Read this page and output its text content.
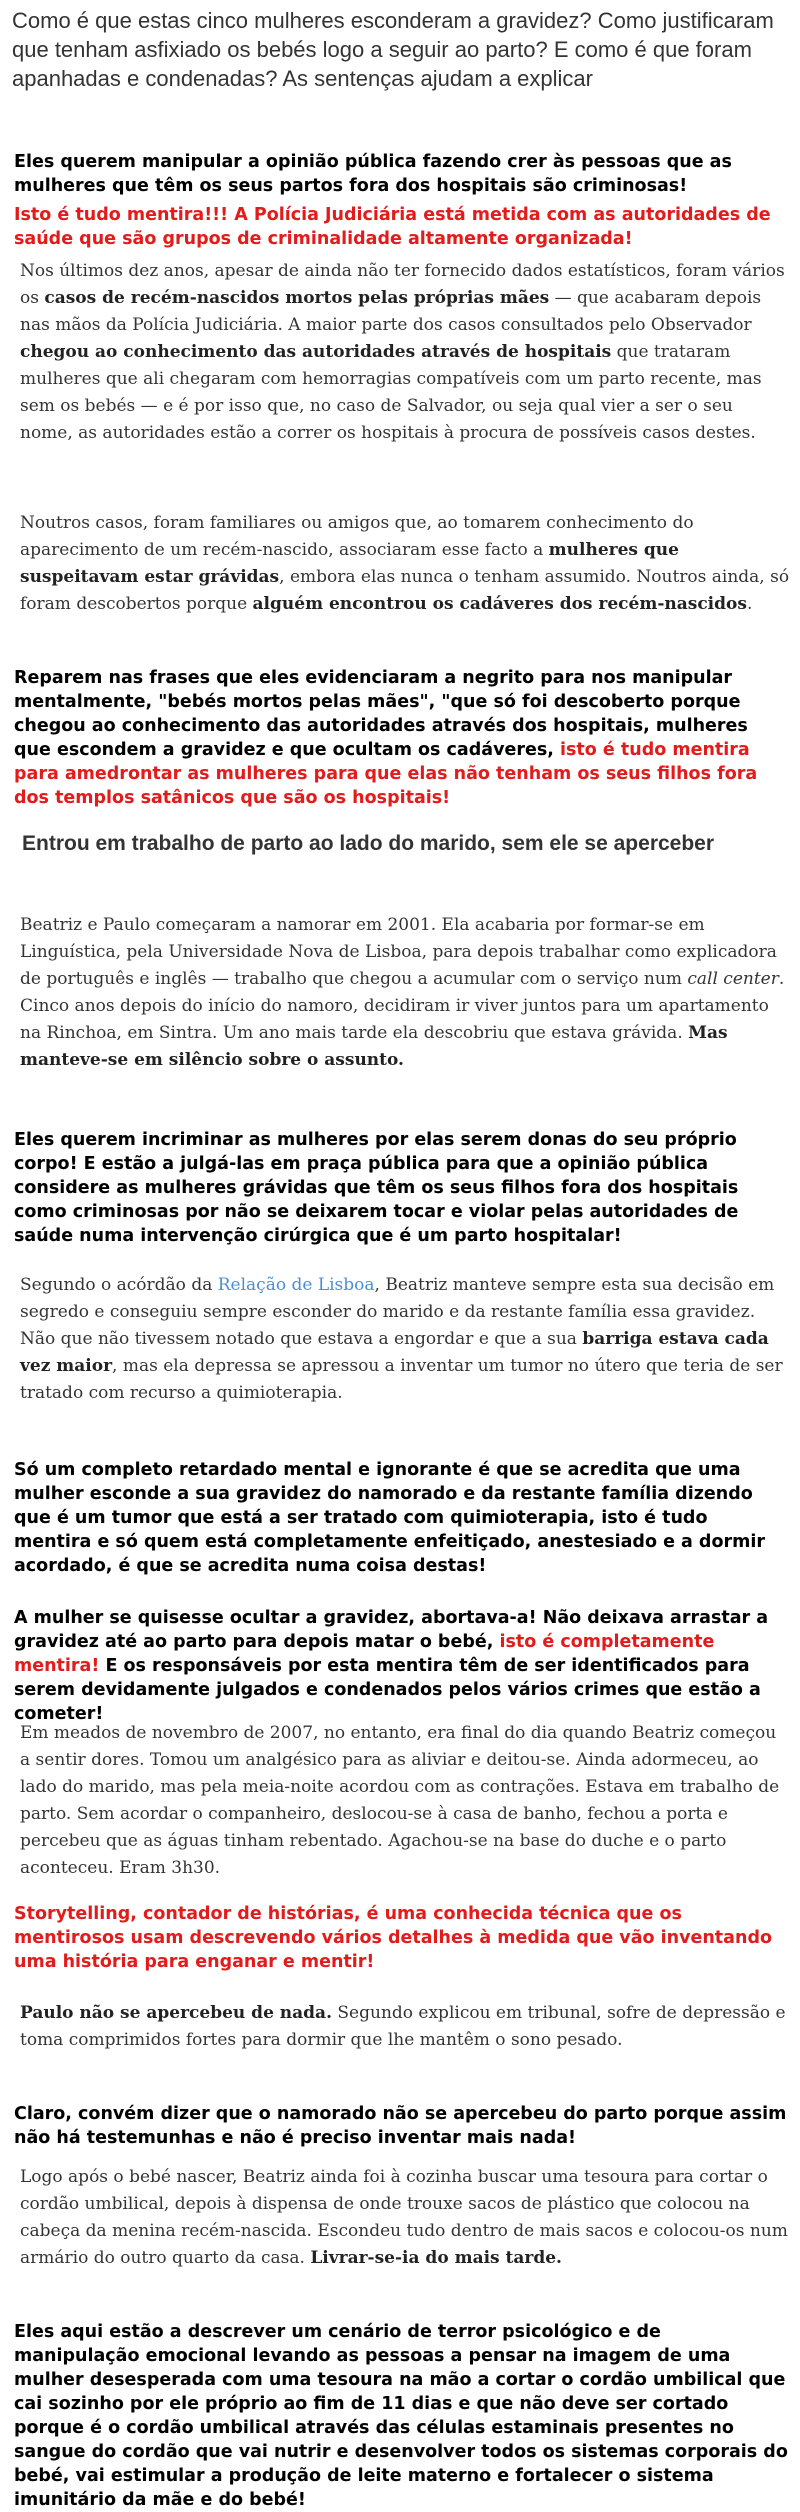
Como é que estas cinco mulheres esconderam a gravidez? Como justificaram que tenham asfixiado os bebés logo a seguir ao parto? E como é que foram apanhadas e condenadas? As sentenças ajudam a explicar
Eles querem manipular a opinião pública fazendo crer às pessoas que as mulheres que têm os seus partos fora dos hospitais são criminosas!
Isto é tudo mentira!!! A Polícia Judiciária está metida com as autoridades de saúde que são grupos de criminalidade altamente organizada!
Nos últimos dez anos, apesar de ainda não ter fornecido dados estatísticos, foram vários os casos de recém-nascidos mortos pelas próprias mães — que acabaram depois nas mãos da Polícia Judiciária. A maior parte dos casos consultados pelo Observador chegou ao conhecimento das autoridades através de hospitais que trataram mulheres que ali chegaram com hemorragias compatíveis com um parto recente, mas sem os bebés — e é por isso que, no caso de Salvador, ou seja qual vier a ser o seu nome, as autoridades estão a correr os hospitais à procura de possíveis casos destes.
Noutros casos, foram familiares ou amigos que, ao tomarem conhecimento do aparecimento de um recém-nascido, associaram esse facto a mulheres que suspeitavam estar grávidas, embora elas nunca o tenham assumido. Noutros ainda, só foram descobertos porque alguém encontrou os cadáveres dos recém-nascidos.
Reparem nas frases que eles evidenciaram a negrito para nos manipular mentalmente, "bebés mortos pelas mães", "que só foi descoberto porque chegou ao conhecimento das autoridades através dos hospitais, mulheres que escondem a gravidez e que ocultam os cadáveres, isto é tudo mentira para amedrontar as mulheres para que elas não tenham os seus filhos fora dos templos satânicos que são os hospitais!
Entrou em trabalho de parto ao lado do marido, sem ele se aperceber
Beatriz e Paulo começaram a namorar em 2001. Ela acabaria por formar-se em Linguística, pela Universidade Nova de Lisboa, para depois trabalhar como explicadora de português e inglês — trabalho que chegou a acumular com o serviço num call center. Cinco anos depois do início do namoro, decidiram ir viver juntos para um apartamento na Rinchoa, em Sintra. Um ano mais tarde ela descobriu que estava grávida. Mas manteve-se em silêncio sobre o assunto.
Eles querem incriminar as mulheres por elas serem donas do seu próprio corpo! E estão a julgá-las em praça pública para que a opinião pública considere as mulheres grávidas que têm os seus filhos fora dos hospitais como criminosas por não se deixarem tocar e violar pelas autoridades de saúde numa intervenção cirúrgica que é um parto hospitalar!
Segundo o acórdão da Relação de Lisboa, Beatriz manteve sempre esta sua decisão em segredo e conseguiu sempre esconder do marido e da restante família essa gravidez. Não que não tivessem notado que estava a engordar e que a sua barriga estava cada vez maior, mas ela depressa se apressou a inventar um tumor no útero que teria de ser tratado com recurso a quimioterapia.
Só um completo retardado mental e ignorante é que se acredita que uma mulher esconde a sua gravidez do namorado e da restante família dizendo que é um tumor que está a ser tratado com quimioterapia, isto é tudo mentira e só quem está completamente enfeitiçado, anestesiado e a dormir acordado, é que se acredita numa coisa destas!
A mulher se quisesse ocultar a gravidez, abortava-a! Não deixava arrastar a gravidez até ao parto para depois matar o bebé, isto é completamente mentira! E os responsáveis por esta mentira têm de ser identificados para serem devidamente julgados e condenados pelos vários crimes que estão a cometer!
Em meados de novembro de 2007, no entanto, era final do dia quando Beatriz começou a sentir dores. Tomou um analgésico para as aliviar e deitou-se. Ainda adormeceu, ao lado do marido, mas pela meia-noite acordou com as contrações. Estava em trabalho de parto. Sem acordar o companheiro, deslocou-se à casa de banho, fechou a porta e percebeu que as águas tinham rebentado. Agachou-se na base do duche e o parto aconteceu. Eram 3h30.
Storytelling, contador de histórias, é uma conhecida técnica que os mentirosos usam descrevendo vários detalhes à medida que vão inventando uma história para enganar e mentir!
Paulo não se apercebeu de nada. Segundo explicou em tribunal, sofre de depressão e toma comprimidos fortes para dormir que lhe mantêm o sono pesado.
Claro, convém dizer que o namorado não se apercebeu do parto porque assim não há testemunhas e não é preciso inventar mais nada!
Logo após o bebé nascer, Beatriz ainda foi à cozinha buscar uma tesoura para cortar o cordão umbilical, depois à dispensa de onde trouxe sacos de plástico que colocou na cabeça da menina recém-nascida. Escondeu tudo dentro de mais sacos e colocou-os num armário do outro quarto da casa. Livrar-se-ia do mais tarde.
Eles aqui estão a descrever um cenário de terror psicológico e de manipulação emocional levando as pessoas a pensar na imagem de uma mulher desesperada com uma tesoura na mão a cortar o cordão umbilical que cai sozinho por ele próprio ao fim de 11 dias e que não deve ser cortado porque é o cordão umbilical através das células estaminais presentes no sangue do cordão que vai nutrir e desenvolver todos os sistemas corporais do bebé, vai estimular a produção de leite materno e fortalecer o sistema imunitário da mãe e do bebé!
